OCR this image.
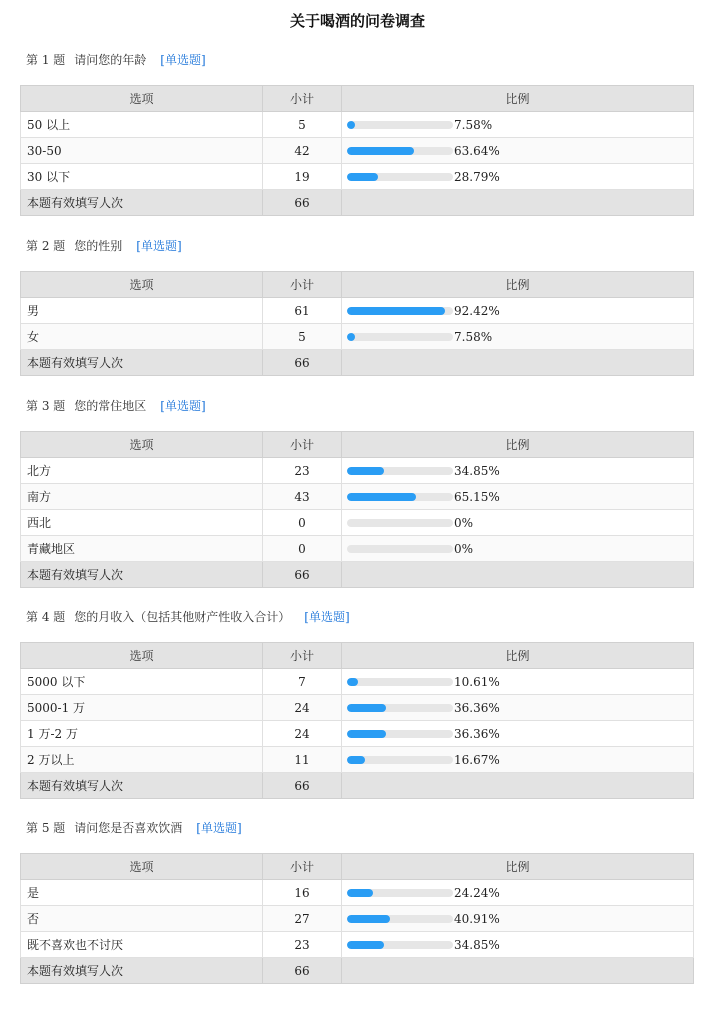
关于喝酒的问卷调查
第 1 题 请问您的年龄 [单选题]
选项	小计	比例
50 以上	5	7.58%

30-50	42	63.64%

30 以下	19	28.79%

本题有效填写人次	66	
第 2 题 您的性别 [单选题]
选项	小计	比例
男	61	92.42%

女	5	7.58%

本题有效填写人次	66	
第 3 题 您的常住地区 [单选题]
选项	小计	比例
北方	23	34.85%

南方	43	65.15%

西北	0	0%

青藏地区	0	0%

本题有效填写人次	66	
第 4 题 您的月收入（包括其他财产性收入合计） [单选题]
选项	小计	比例
5000 以下	7	10.61%

5000-1 万	24	36.36%

1 万-2 万	24	36.36%

2 万以上	11	16.67%

本题有效填写人次	66	
第 5 题 请问您是否喜欢饮酒 [单选题]
选项	小计	比例
是	16	24.24%

否	27	40.91%

既不喜欢也不讨厌	23	34.85%

本题有效填写人次	66	
